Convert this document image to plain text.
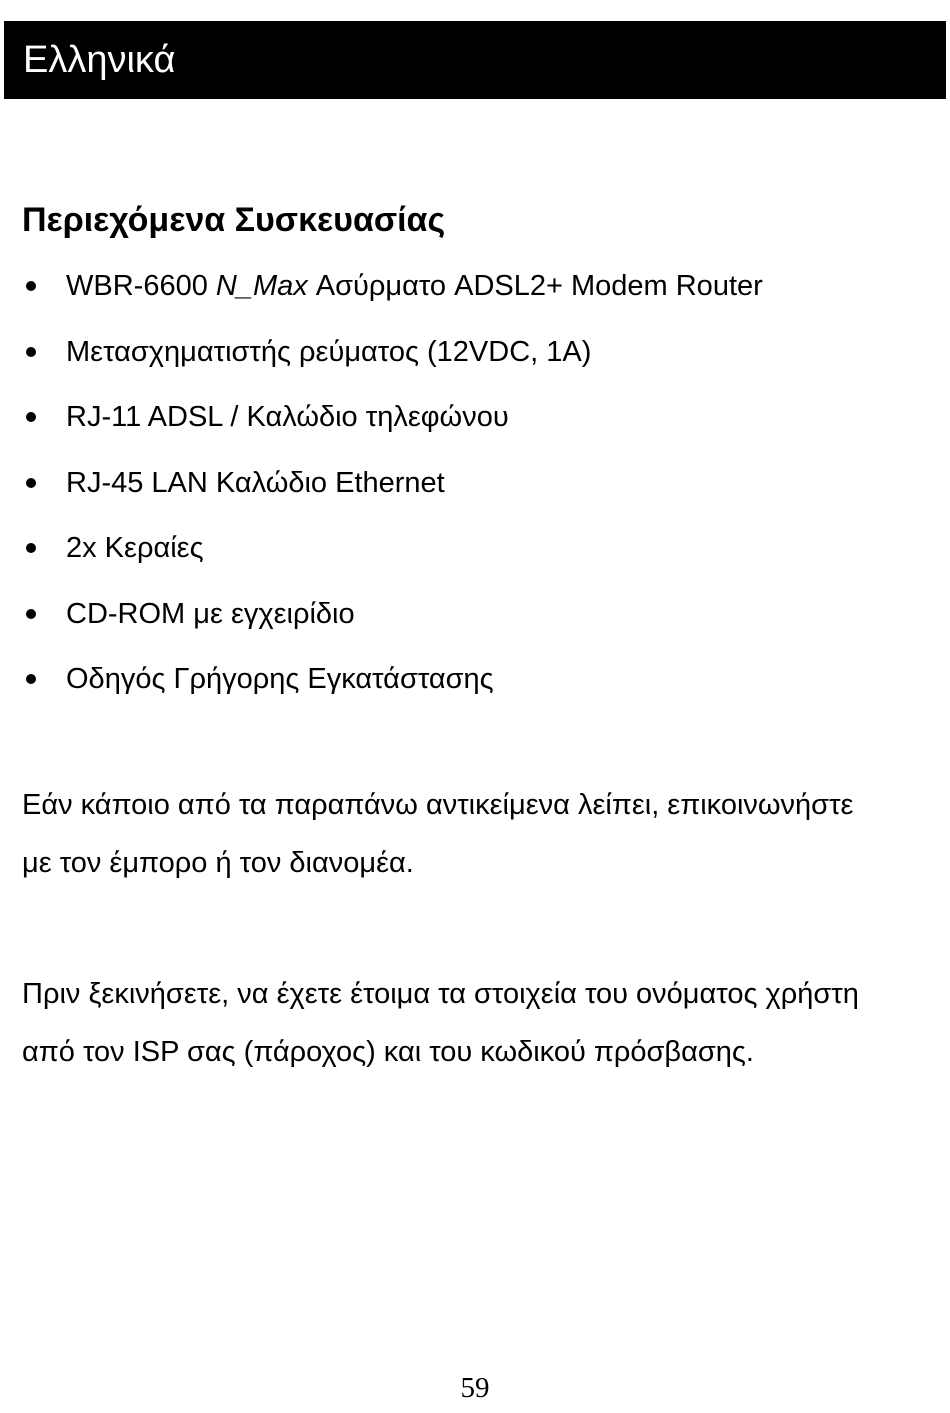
Ελληνικά
Περιεχόμενα Συσκευασίας
WBR-6600 N_Max Ασύρματο ADSL2+ Modem Router
Μετασχηματιστής ρεύματος (12VDC, 1A)
RJ-11 ADSL / Καλώδιο τηλεφώνου
RJ-45 LAN Καλώδιο Ethernet
2x Κεραίες
CD-ROM με εγχειρίδιο
Οδηγός Γρήγορης Εγκατάστασης

Εάν κάποιο από τα παραπάνω αντικείμενα λείπει, επικοινωνήστε
με τον έμπορο ή τον διανομέα.

Πριν ξεκινήσετε, να έχετε έτοιμα τα στοιχεία του ονόματος χρήστη
από τον ISP σας (πάροχος) και του κωδικού πρόσβασης.

59
